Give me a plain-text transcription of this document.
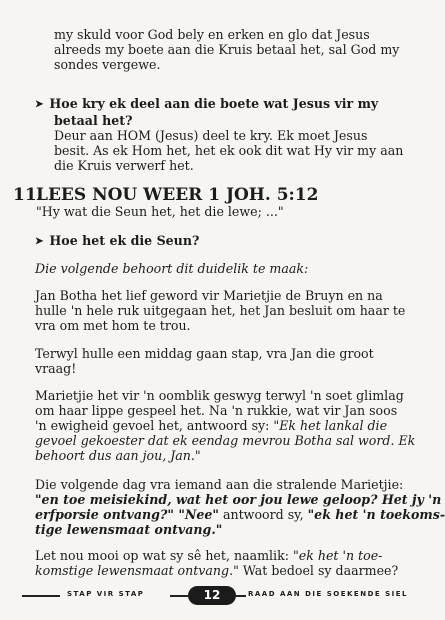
my skuld voor God bely en erken en glo dat Jesus
alreeds my boete aan die Kruis betaal het, sal God my
sondes vergewe.
➤ Hoe kry ek deel aan die boete wat Jesus vir my
betaal het?
Deur aan HOM (Jesus) deel te kry. Ek moet Jesus
besit. As ek Hom het, het ek ook dit wat Hy vir my aan
die Kruis verwerf het.
11.
LEES NOU WEER 1 JOH. 5:12
"Hy wat die Seun het, het die lewe; ..."
➤ Hoe het ek die Seun?
Die volgende behoort dit duidelik te maak:
Jan Botha het lief geword vir Marietjie de Bruyn en na
hulle 'n hele ruk uitgegaan het, het Jan besluit om haar te
vra om met hom te trou.
Terwyl hulle een middag gaan stap, vra Jan die groot
vraag!
Marietjie het vir 'n oomblik geswyg terwyl 'n soet glimlag
om haar lippe gespeel het. Na 'n rukkie, wat vir Jan soos
'n ewigheid gevoel het, antwoord sy: "Ek het lankal die
gevoel gekoester dat ek eendag mevrou Botha sal word. Ek
behoort dus aan jou, Jan."
Die volgende dag vra iemand aan die stralende Marietjie:
"en toe meisiekind, wat het oor jou lewe geloop? Het jy 'n
erfporsie ontvang?" "Nee" antwoord sy, "ek het 'n toekoms-
tige lewensmaat ontvang."
Let nou mooi op wat sy sê het, naamlik: "ek het 'n toe-
komstige lewensmaat ontvang." Wat bedoel sy daarmee?
STAP VIR STAP	12	RAAD AAN DIE SOEKENDE SIEL
